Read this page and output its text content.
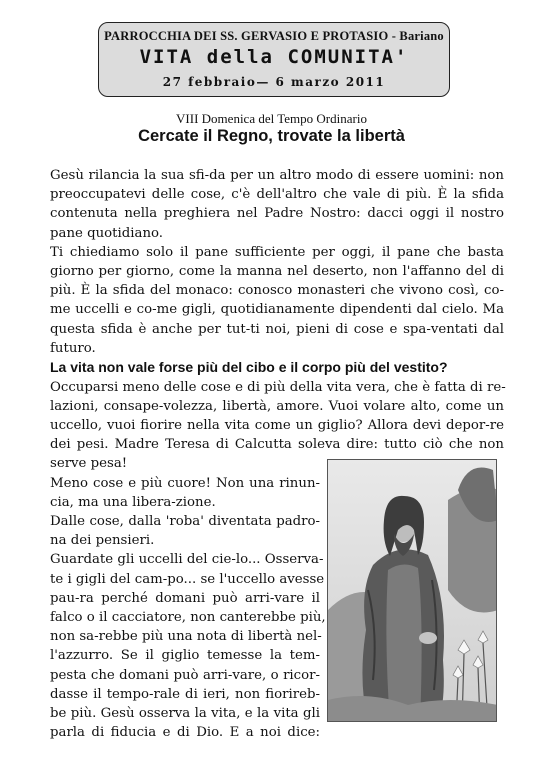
PARROCCHIA DEI SS. GERVASIO E PROTASIO - Bariano
VITA della COMUNITA'
27 febbraio— 6 marzo 2011
VIII Domenica del Tempo Ordinario
Cercate il Regno, trovate la libertà
Gesù rilancia la sua sfi-da per un altro modo di essere uomini: non
preoccupatevi delle cose, c'è dell'altro che vale di più. È la sfida
contenuta nella preghiera nel Padre Nostro: dacci oggi il nostro
pane quotidiano.
Ti chiediamo solo il pane sufficiente per oggi, il pane che basta
giorno per giorno, come la manna nel deserto, non l'affanno del di
più. È la sfida del monaco: conosco monasteri che vivono così, co-
me uccelli e co-me gigli, quotidianamente dipendenti dal cielo. Ma
questa sfida è anche per tut-ti noi, pieni di cose e spa-ventati dal
futuro.
La vita non vale forse più del cibo e il corpo più del vestito?
Occuparsi meno delle cose e di più della vita vera, che è fatta di re-
lazioni, consape-volezza, libertà, amore. Vuoi volare alto, come un
uccello, vuoi fiorire nella vita come un giglio? Allora devi depor-re
dei pesi. Madre Teresa di Calcutta soleva dire: tutto ciò che non
serve pesa!
Meno cose e più cuore! Non una rinun-
cia, ma una libera-zione.
Dalle cose, dalla 'roba' diventata padro-
na dei pensieri.
Guardate gli uccelli del cie-lo... Osserva-
te i gigli del cam-po... se l'uccello avesse
pau-ra perché domani può arri-vare il
falco o il cacciatore, non canterebbe più,
non sa-rebbe più una nota di libertà nel-
l'azzurro. Se il giglio temesse la tem-
pesta che domani può arri-vare, o ricor-
dasse il tempo-rale di ieri, non fiorireb-
be più. Gesù osserva la vita, e la vita gli
parla di fiducia e di Dio. E a noi dice:
